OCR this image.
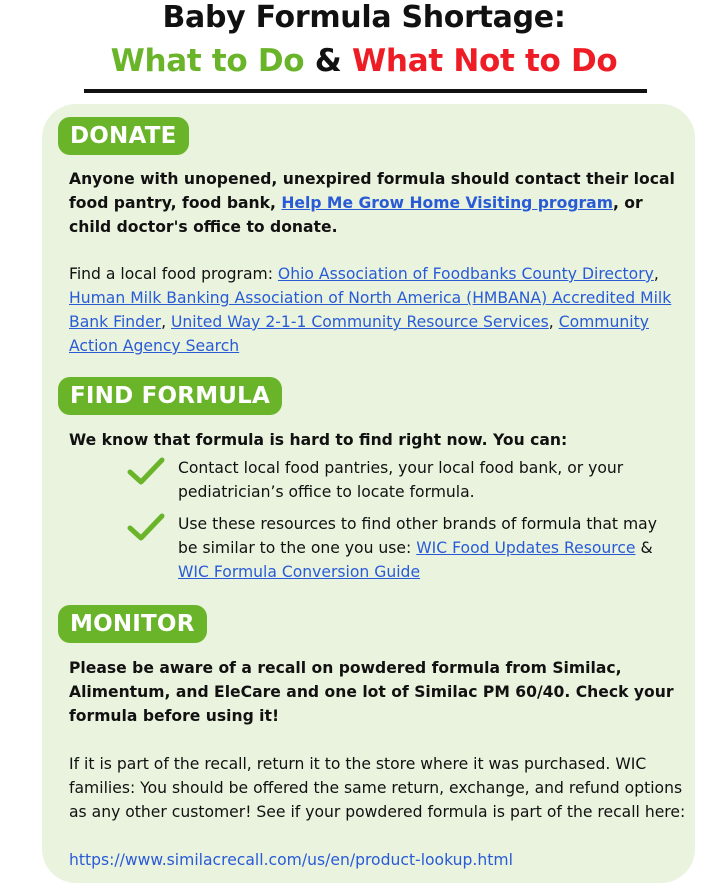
Baby Formula Shortage:
What to Do & What Not to Do
DONATE
Anyone with unopened, unexpired formula should contact their local food pantry, food bank, Help Me Grow Home Visiting program, or child doctor's office to donate.
Find a local food program: Ohio Association of Foodbanks County Directory, Human Milk Banking Association of North America (HMBANA) Accredited Milk Bank Finder, United Way 2-1-1 Community Resource Services, Community Action Agency Search
FIND FORMULA
We know that formula is hard to find right now. You can:
Contact local food pantries, your local food bank, or your pediatrician’s office to locate formula.
Use these resources to find other brands of formula that may be similar to the one you use: WIC Food Updates Resource & WIC Formula Conversion Guide
MONITOR
Please be aware of a recall on powdered formula from Similac, Alimentum, and EleCare and one lot of Similac PM 60/40. Check your formula before using it!
If it is part of the recall, return it to the store where it was purchased. WIC families: You should be offered the same return, exchange, and refund options as any other customer! See if your powdered formula is part of the recall here:
https://www.similacrecall.com/us/en/product-lookup.html
